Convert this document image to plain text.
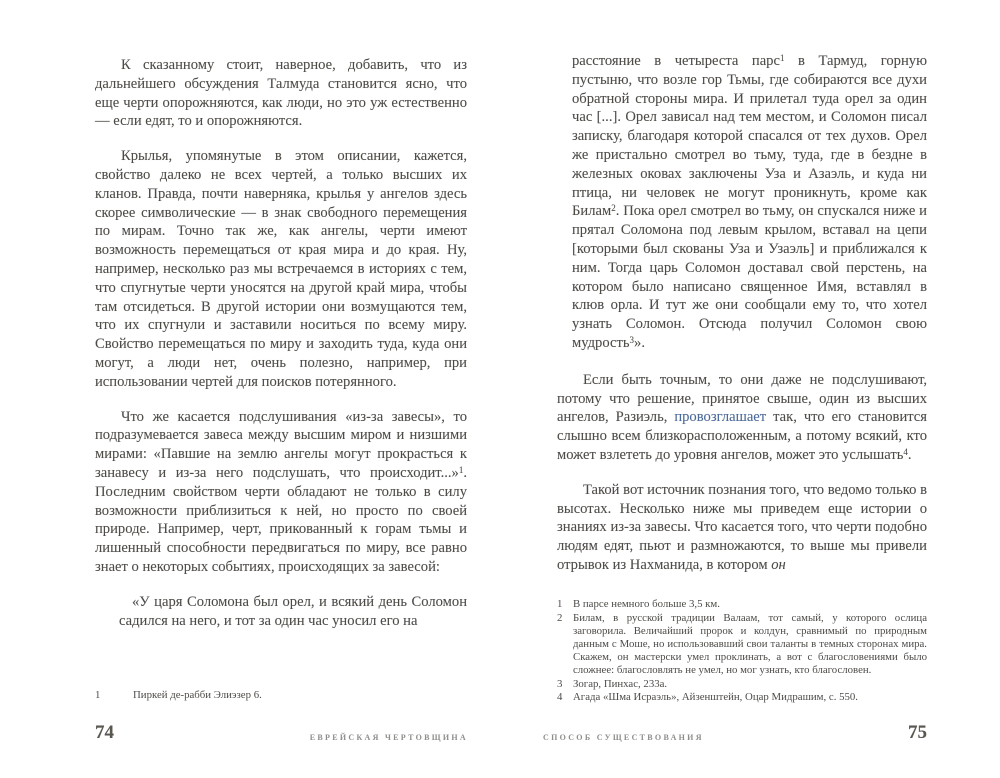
К сказанному стоит, наверное, добавить, что из дальнейшего обсуждения Талмуда становится ясно, что еще черти опорожняются, как люди, но это уж естественно — если едят, то и опорожняются.

Крылья, упомянутые в этом описании, кажется, свойство далеко не всех чертей, а только высших их кланов. Правда, почти наверняка, крылья у ангелов здесь скорее символические — в знак свободного перемещения по мирам. Точно так же, как ангелы, черти имеют возможность перемещаться от края мира и до края. Ну, например, несколько раз мы встречаемся в историях с тем, что спугнутые черти уносятся на другой край мира, чтобы там отсидеться. В другой истории они возмущаются тем, что их спугнули и заставили носиться по всему миру. Свойство перемещаться по миру и заходить туда, куда они могут, а люди нет, очень полезно, например, при использовании чертей для поисков потерянного.

Что же касается подслушивания «из-за завесы», то подразумевается завеса между высшим миром и низшими мирами: «Павшие на землю ангелы могут прокрасться к занавесу и из-за него подслушать, что происходит...»$^1$. Последним свойством черти обладают не только в силу возможности приблизиться к ней, но просто по своей природе. Например, черт, прикованный к горам тьмы и лишенный способности передвигаться по миру, все равно знает о некоторых событиях, происходящих за завесой:

«У царя Соломона был орел, и всякий день Соломон садился на него, и тот за один час уносил его на

1	Пиркей де-рабби Элиэзер 6.

расстояние в четыреста парс$^1$ в Тармуд, горную пустыню, что возле гор Тьмы, где собираются все духи обратной стороны мира. И прилетал туда орел за один час [...]. Орел зависал над тем местом, и Соломон писал записку, благодаря которой спасался от тех духов. Орел же пристально смотрел во тьму, туда, где в бездне в железных оковах заключены Уза и Азаэль, и куда ни птица, ни человек не могут проникнуть, кроме как Билам$^2$. Пока орел смотрел во тьму, он спускался ниже и прятал Соломона под левым крылом, вставал на цепи [которыми был скованы Уза и Узаэль] и приближался к ним. Тогда царь Соломон доставал свой перстень, на котором было написано священное Имя, вставлял в клюв орла. И тут же они сообщали ему то, что хотел узнать Соломон. Отсюда получил Соломон свою мудрость$^3$».

Если быть точным, то они даже не подслушивают, потому что решение, принятое свыше, один из высших ангелов, Разиэль, провозглашает так, что его становится слышно всем близкорасположенным, а потому всякий, кто может взлететь до уровня ангелов, может это услышать$^4$.

Такой вот источник познания того, что ведомо только в высотах. Несколько ниже мы приведем еще истории о знаниях из-за завесы. Что касается того, что черти подобно людям едят, пьют и размножаются, то выше мы привели отрывок из Нахманида, в котором он

1 В парсе немного больше 3,5 км.
2 Билам, в русской традиции Валаам, тот самый, у которого ослица заговорила. Величайший пророк и колдун, сравнимый по природным данным с Моше, но использовавший свои таланты в темных сторонах мира. Скажем, он мастерски умел проклинать, а вот с благословениями было сложнее: благословлять не умел, но мог узнать, кто благословен.
3 Зогар, Пинхас, 233а.
4 Агада «Шма Исраэль», Айзенштейн, Оцар Мидрашим, с. 550.
74	ЕВРЕЙСКАЯ ЧЕРТОВЩИНА	СПОСОБ СУЩЕСТВОВАНИЯ	75
